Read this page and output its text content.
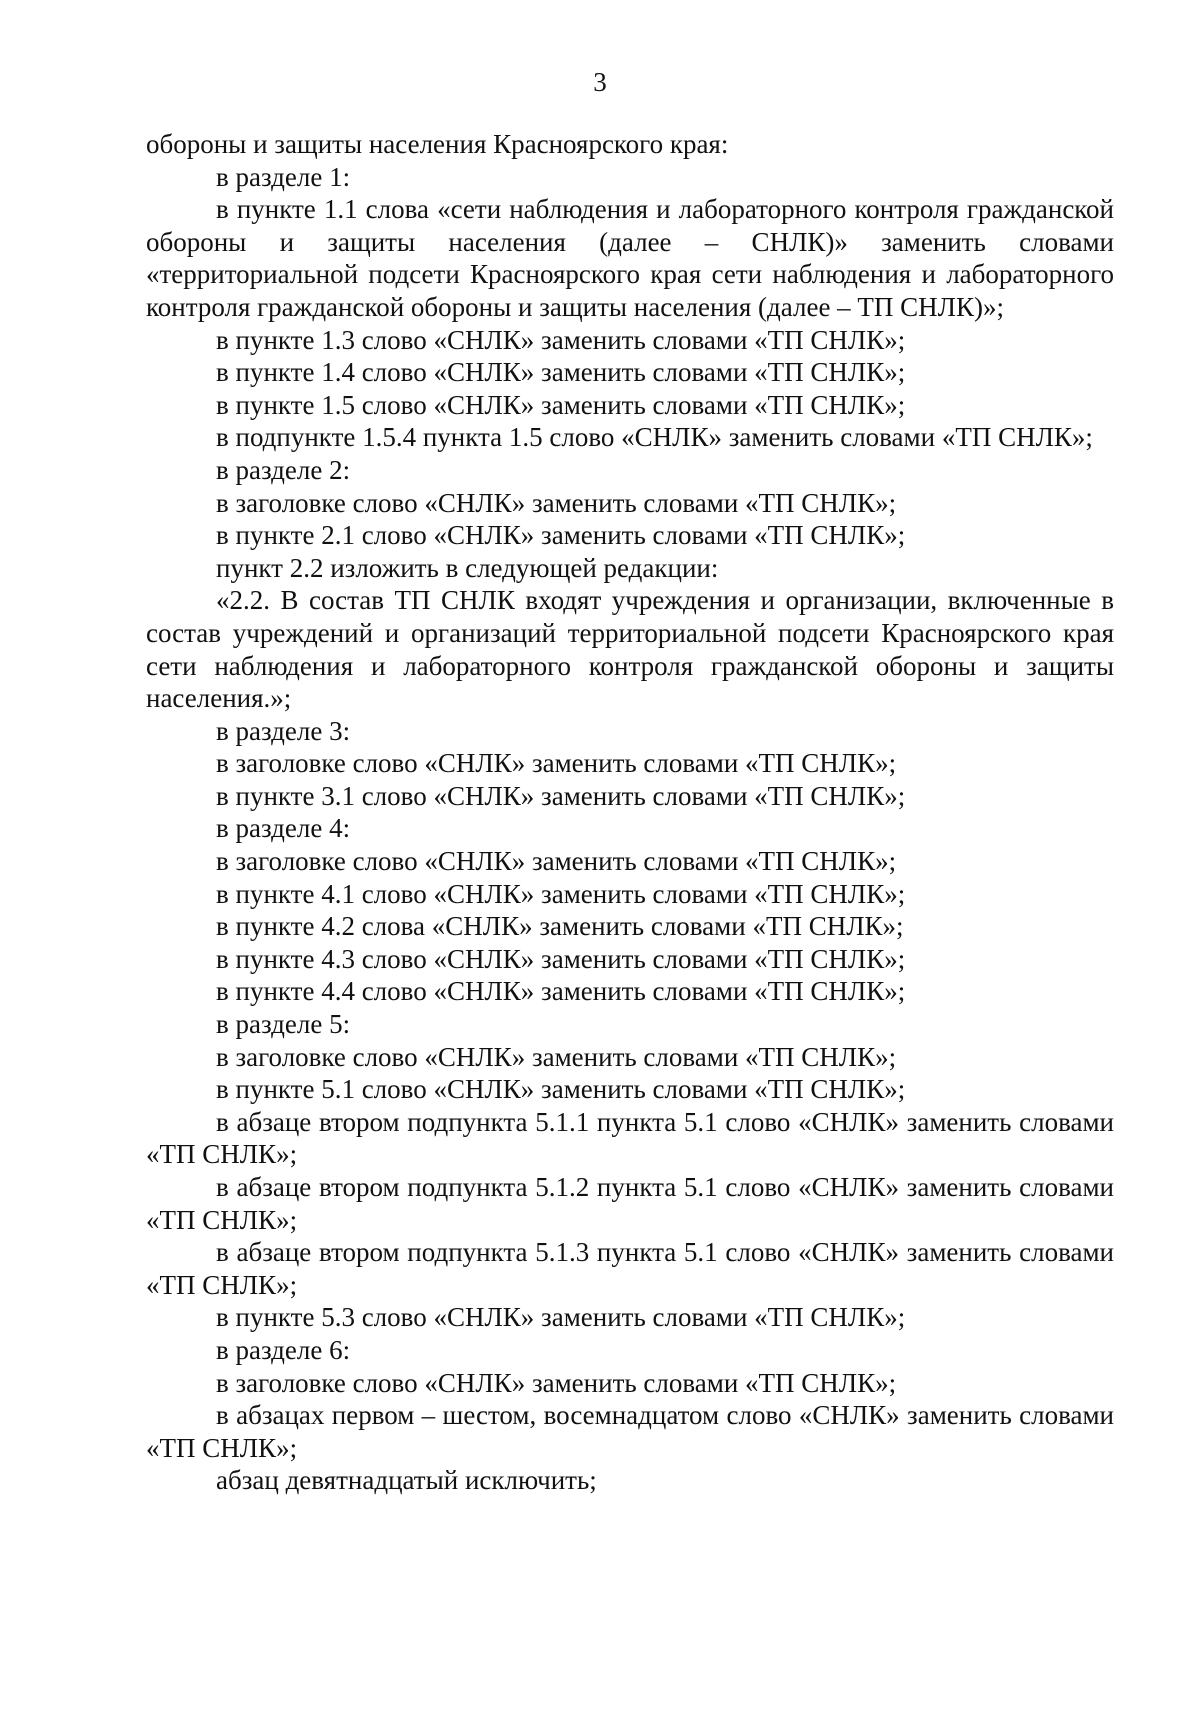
3

обороны и защиты населения Красноярского края:

в разделе 1:

в пункте 1.1 слова «сети наблюдения и лабораторного контроля гражданской обороны и защиты населения (далее – СНЛК)» заменить словами «территориальной подсети Красноярского края сети наблюдения и лабораторного контроля гражданской обороны и защиты населения (далее – ТП СНЛК)»;

в пункте 1.3 слово «СНЛК» заменить словами «ТП СНЛК»;

в пункте 1.4 слово «СНЛК» заменить словами «ТП СНЛК»;

в пункте 1.5 слово «СНЛК» заменить словами «ТП СНЛК»;

в подпункте 1.5.4 пункта 1.5 слово «СНЛК» заменить словами «ТП СНЛК»;

в разделе 2:

в заголовке слово «СНЛК» заменить словами «ТП СНЛК»;

в пункте 2.1 слово «СНЛК» заменить словами «ТП СНЛК»;

пункт 2.2 изложить в следующей редакции:

«2.2. В состав ТП СНЛК входят учреждения и организации, включенные в состав учреждений и организаций территориальной подсети Красноярского края сети наблюдения и лабораторного контроля гражданской обороны и защиты населения.»;

в разделе 3:

в заголовке слово «СНЛК» заменить словами «ТП СНЛК»;

в пункте 3.1 слово «СНЛК» заменить словами «ТП СНЛК»;

в разделе 4:

в заголовке слово «СНЛК» заменить словами «ТП СНЛК»;

в пункте 4.1 слово «СНЛК» заменить словами «ТП СНЛК»;

в пункте 4.2 слова «СНЛК» заменить словами «ТП СНЛК»;

в пункте 4.3 слово «СНЛК» заменить словами «ТП СНЛК»;

в пункте 4.4 слово «СНЛК» заменить словами «ТП СНЛК»;

в разделе 5:

в заголовке слово «СНЛК» заменить словами «ТП СНЛК»;

в пункте 5.1 слово «СНЛК» заменить словами «ТП СНЛК»;

в абзаце втором подпункта 5.1.1 пункта 5.1 слово «СНЛК» заменить словами «ТП СНЛК»;

в абзаце втором подпункта 5.1.2 пункта 5.1 слово «СНЛК» заменить словами «ТП СНЛК»;

в абзаце втором подпункта 5.1.3 пункта 5.1 слово «СНЛК» заменить словами «ТП СНЛК»;

в пункте 5.3 слово «СНЛК» заменить словами «ТП СНЛК»;

в разделе 6:

в заголовке слово «СНЛК» заменить словами «ТП СНЛК»;

в абзацах первом – шестом, восемнадцатом слово «СНЛК» заменить словами «ТП СНЛК»;

абзац девятнадцатый исключить;
